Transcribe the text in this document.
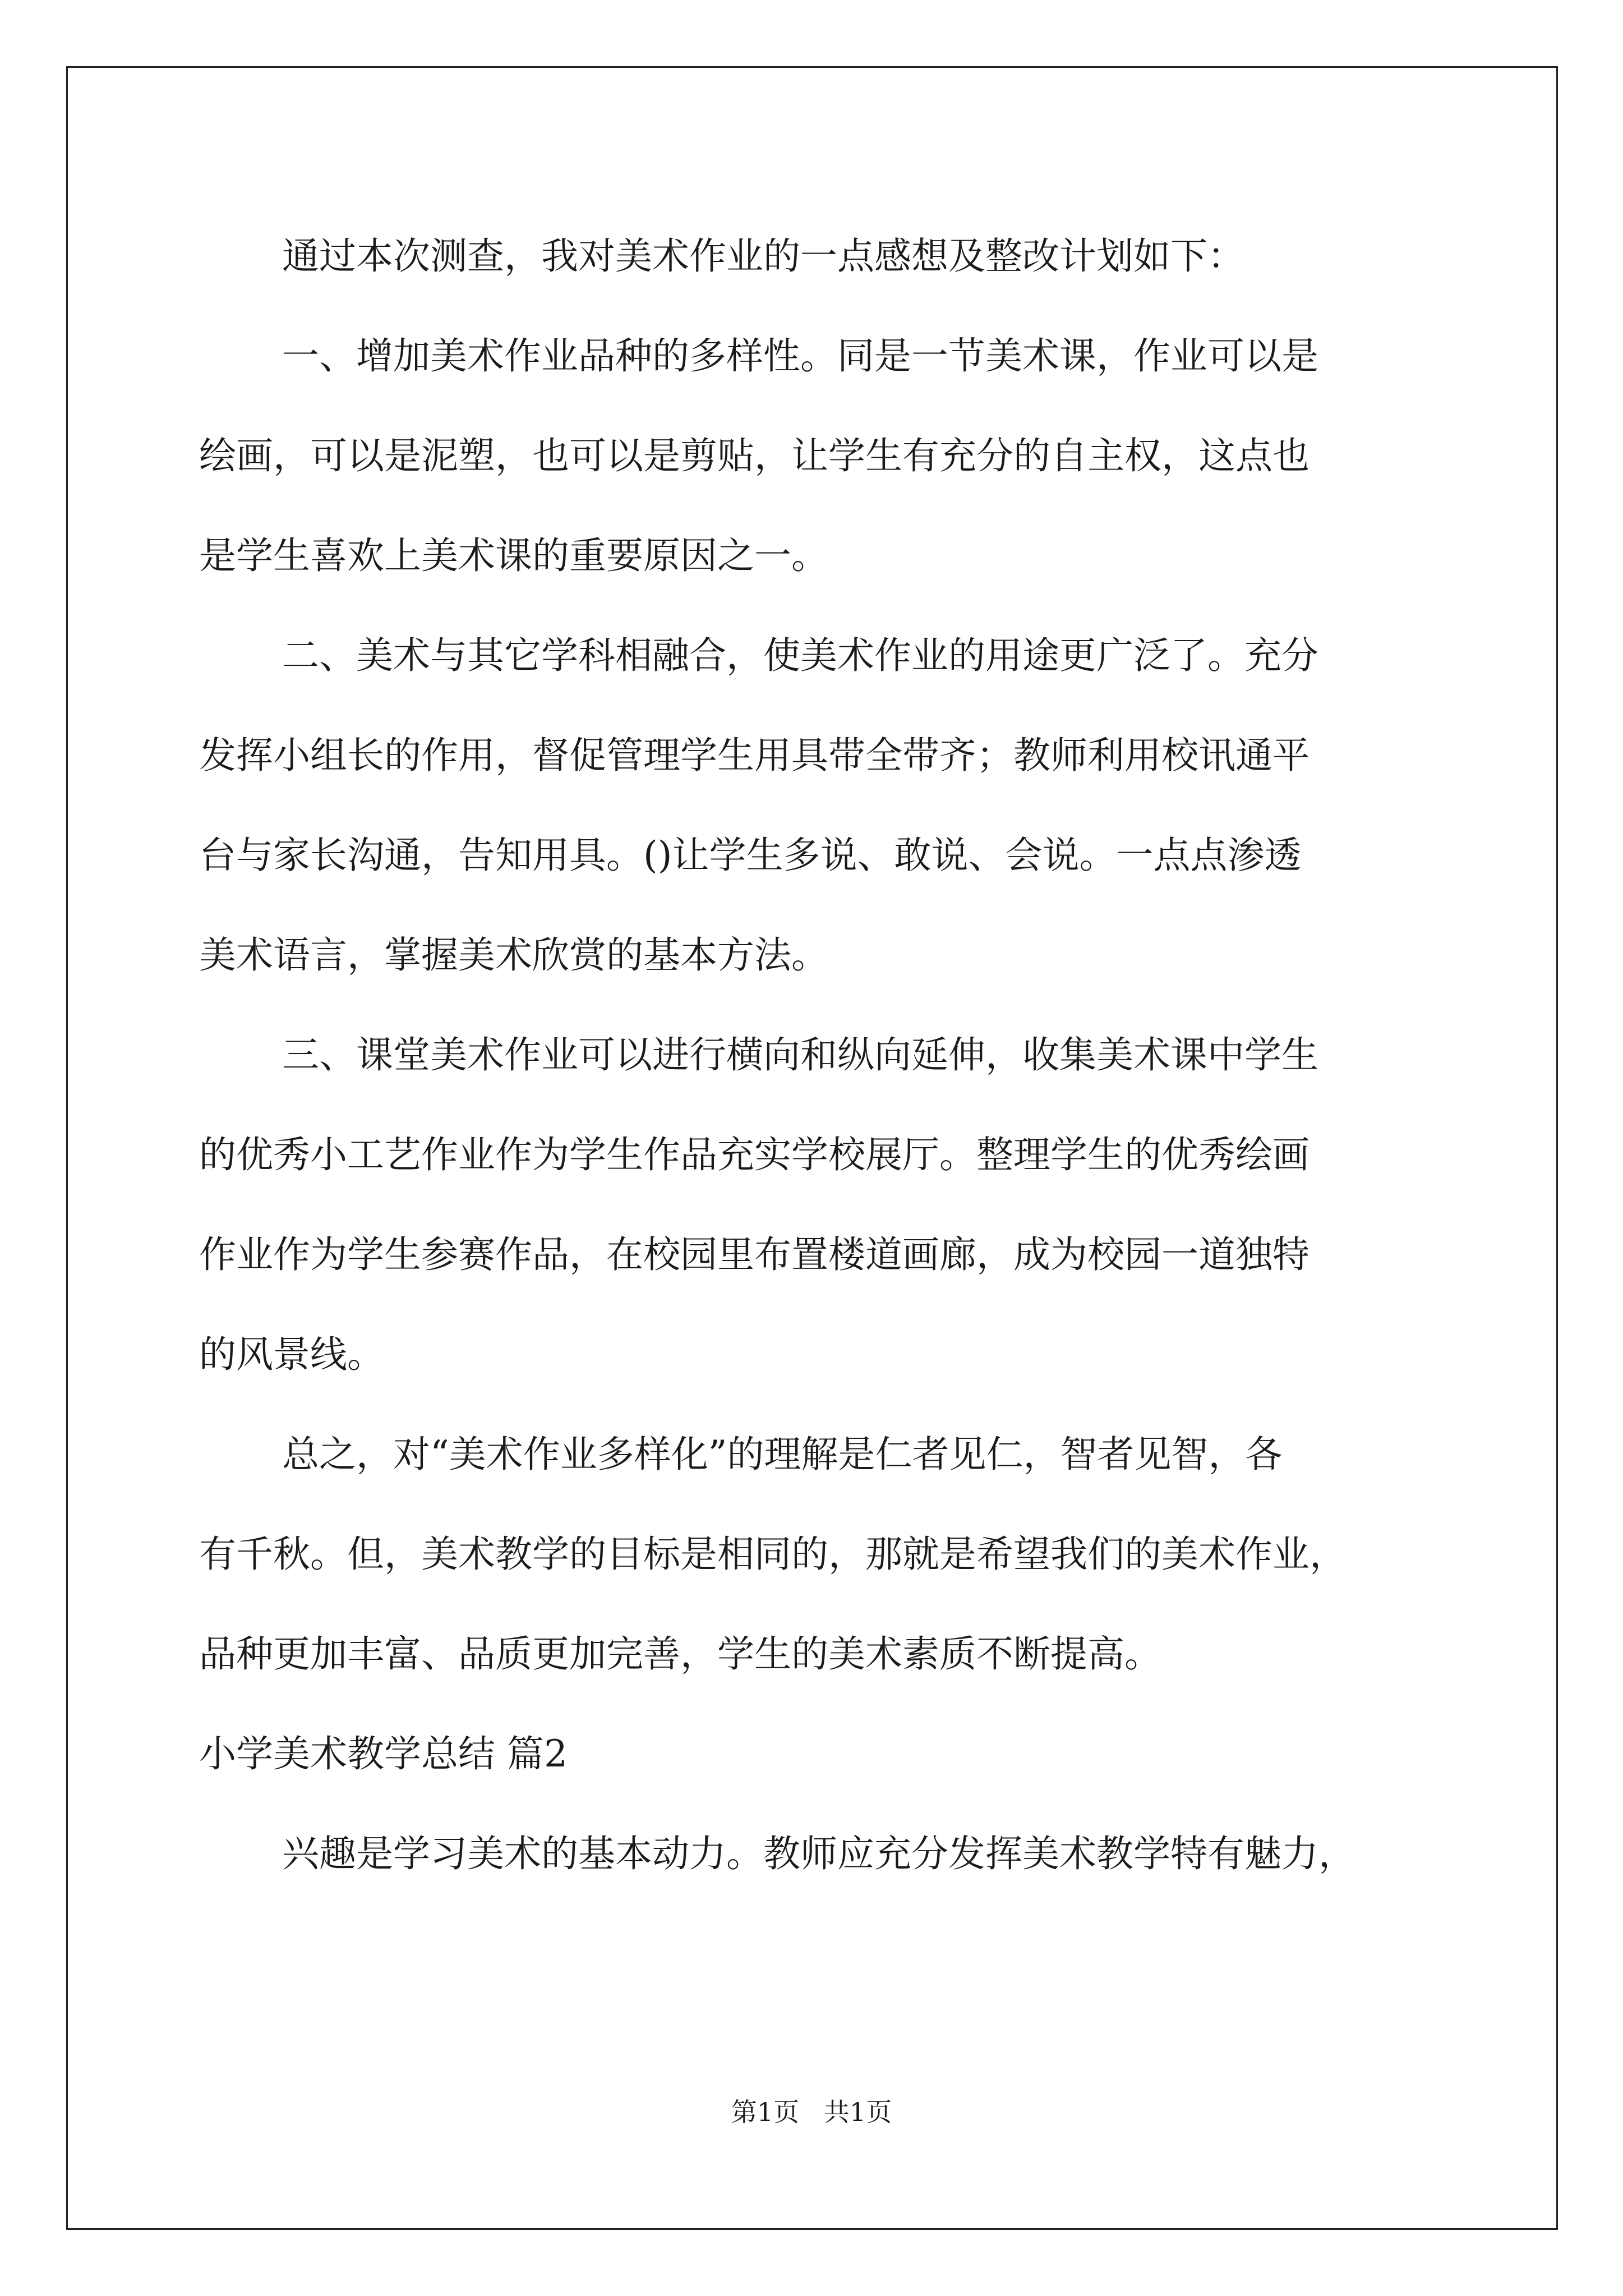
通过本次测查，我对美术作业的一点感想及整改计划如下：
一、增加美术作业品种的多样性。同是一节美术课，作业可以是
绘画，可以是泥塑，也可以是剪贴，让学生有充分的自主权，这点也
是学生喜欢上美术课的重要原因之一。
二、美术与其它学科相融合，使美术作业的用途更广泛了。充分
发挥小组长的作用，督促管理学生用具带全带齐；教师利用校讯通平
台与家长沟通，告知用具。()让学生多说、敢说、会说。一点点渗透
美术语言，掌握美术欣赏的基本方法。
三、课堂美术作业可以进行横向和纵向延伸，收集美术课中学生
的优秀小工艺作业作为学生作品充实学校展厅。整理学生的优秀绘画
作业作为学生参赛作品，在校园里布置楼道画廊，成为校园一道独特
的风景线。
总之，对“美术作业多样化”的理解是仁者见仁，智者见智，各
有千秋。但，美术教学的目标是相同的，那就是希望我们的美术作业，
品种更加丰富、品质更加完善，学生的美术素质不断提高。
小学美术教学总结 篇2
兴趣是学习美术的基本动力。教师应充分发挥美术教学特有魅力，
第1页   共1页
